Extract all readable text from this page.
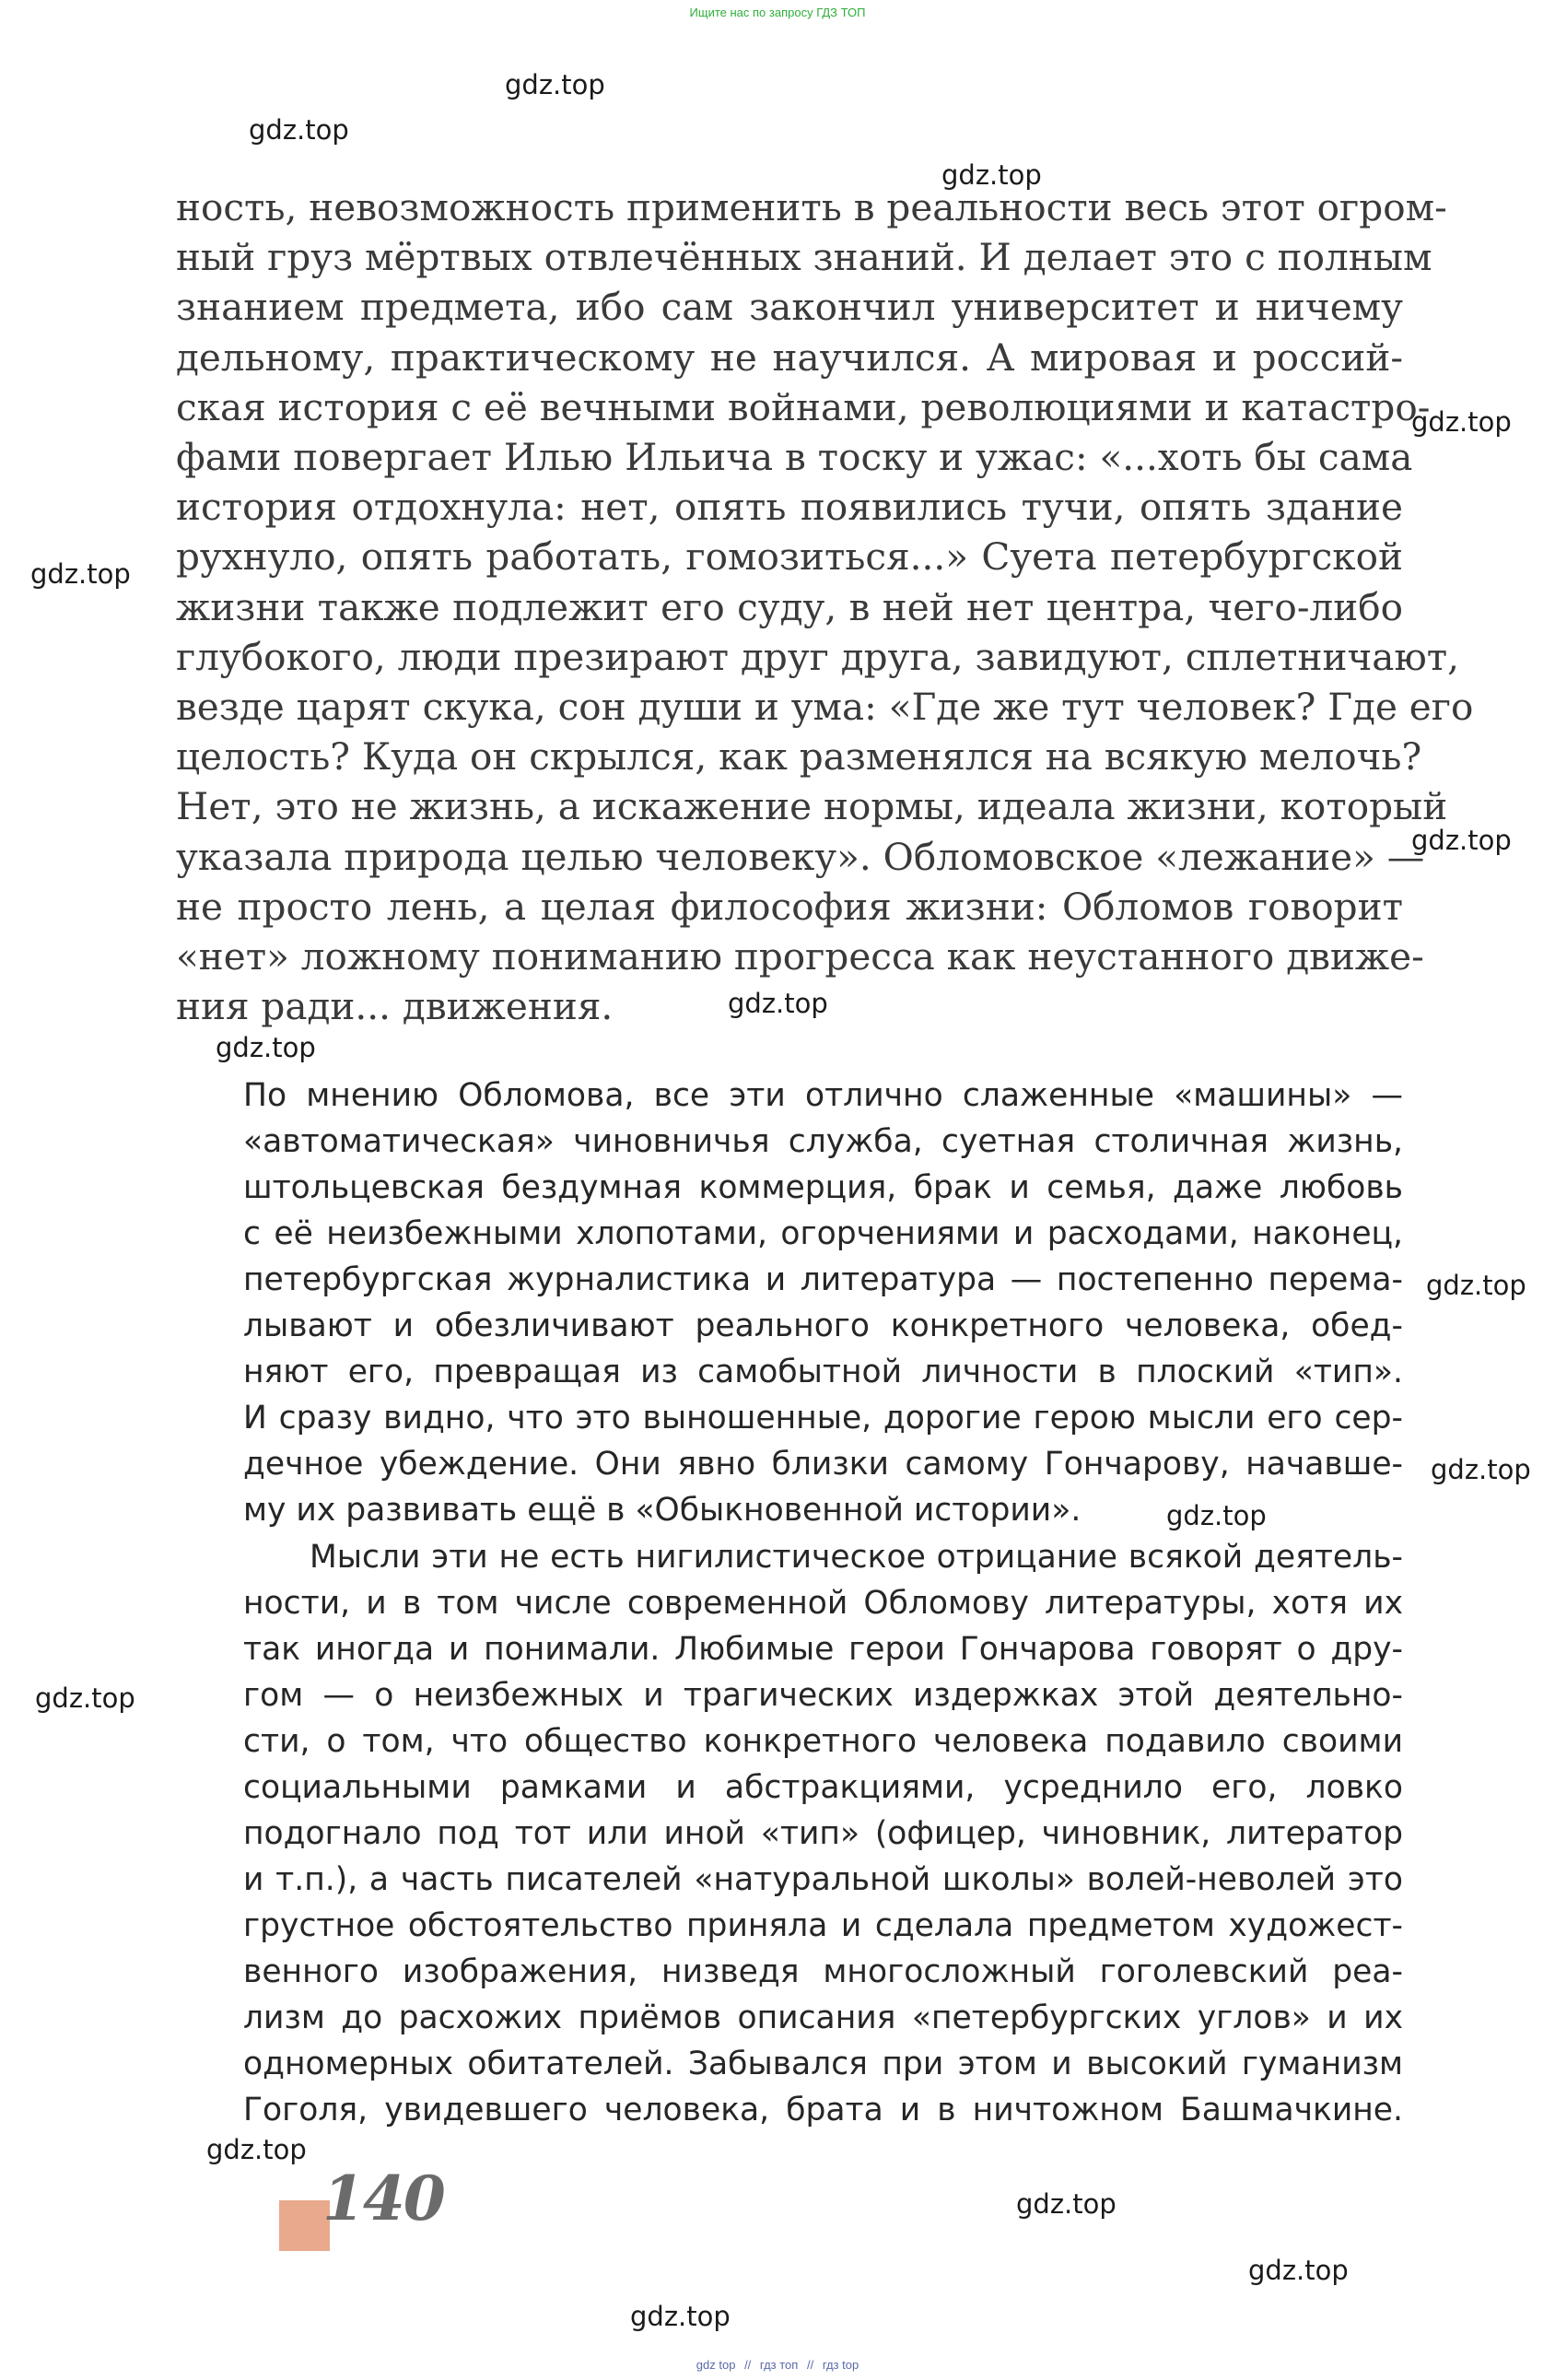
Ищите нас по запросу ГДЗ ТОП
gdz.top
gdz.top
gdz.top
gdz.top
gdz.top
gdz.top
gdz.top
gdz.top
gdz.top
gdz.top
gdz.top
gdz.top
gdz.top
gdz.top
gdz.top
gdz.top
ность, невозможность применить в реальности весь этот огром-
ный груз мёртвых отвлечённых знаний. И делает это с полным
знанием предмета, ибо сам закончил университет и ничему
дельному, практическому не научился. А мировая и россий-
ская история с её вечными войнами, революциями и катастро-
фами повергает Илью Ильича в тоску и ужас: «...хоть бы сама
история отдохнула: нет, опять появились тучи, опять здание
рухнуло, опять работать, гомозиться...» Суета петербургской
жизни также подлежит его суду, в ней нет центра, чего-либо
глубокого, люди презирают друг друга, завидуют, сплетничают,
везде царят скука, сон души и ума: «Где же тут человек? Где его
целость? Куда он скрылся, как разменялся на всякую мелочь?
Нет, это не жизнь, а искажение нормы, идеала жизни, который
указала природа целью человеку». Обломовское «лежание» —
не просто лень, а целая философия жизни: Обломов говорит
«нет» ложному пониманию прогресса как неустанного движе-
ния ради... движения.
По мнению Обломова, все эти отлично слаженные «машины» —
«автоматическая» чиновничья служба, суетная столичная жизнь,
штольцевская бездумная коммерция, брак и семья, даже любовь
с её неизбежными хлопотами, огорчениями и расходами, наконец,
петербургская журналистика и литература — постепенно перема-
лывают и обезличивают реального конкретного человека, обед-
няют его, превращая из самобытной личности в плоский «тип».
И сразу видно, что это выношенные, дорогие герою мысли его сер-
дечное убеждение. Они явно близки самому Гончарову, начавше-
му их развивать ещё в «Обыкновенной истории».
Мысли эти не есть нигилистическое отрицание всякой деятель-
ности, и в том числе современной Обломову литературы, хотя их
так иногда и понимали. Любимые герои Гончарова говорят о дру-
гом — о неизбежных и трагических издержках этой деятельно-
сти, о том, что общество конкретного человека подавило своими
социальными рамками и абстракциями, усреднило его, ловко
подогнало под тот или иной «тип» (офицер, чиновник, литератор
и т.п.), а часть писателей «натуральной школы» волей-неволей это
грустное обстоятельство приняла и сделала предметом художест-
венного изображения, низведя многосложный гоголевский реа-
лизм до расхожих приёмов описания «петербургских углов» и их
одномерных обитателей. Забывался при этом и высокий гуманизм
Гоголя, увидевшего человека, брата и в ничтожном Башмачкине.
140
gdz top // гдз топ // гдз top
